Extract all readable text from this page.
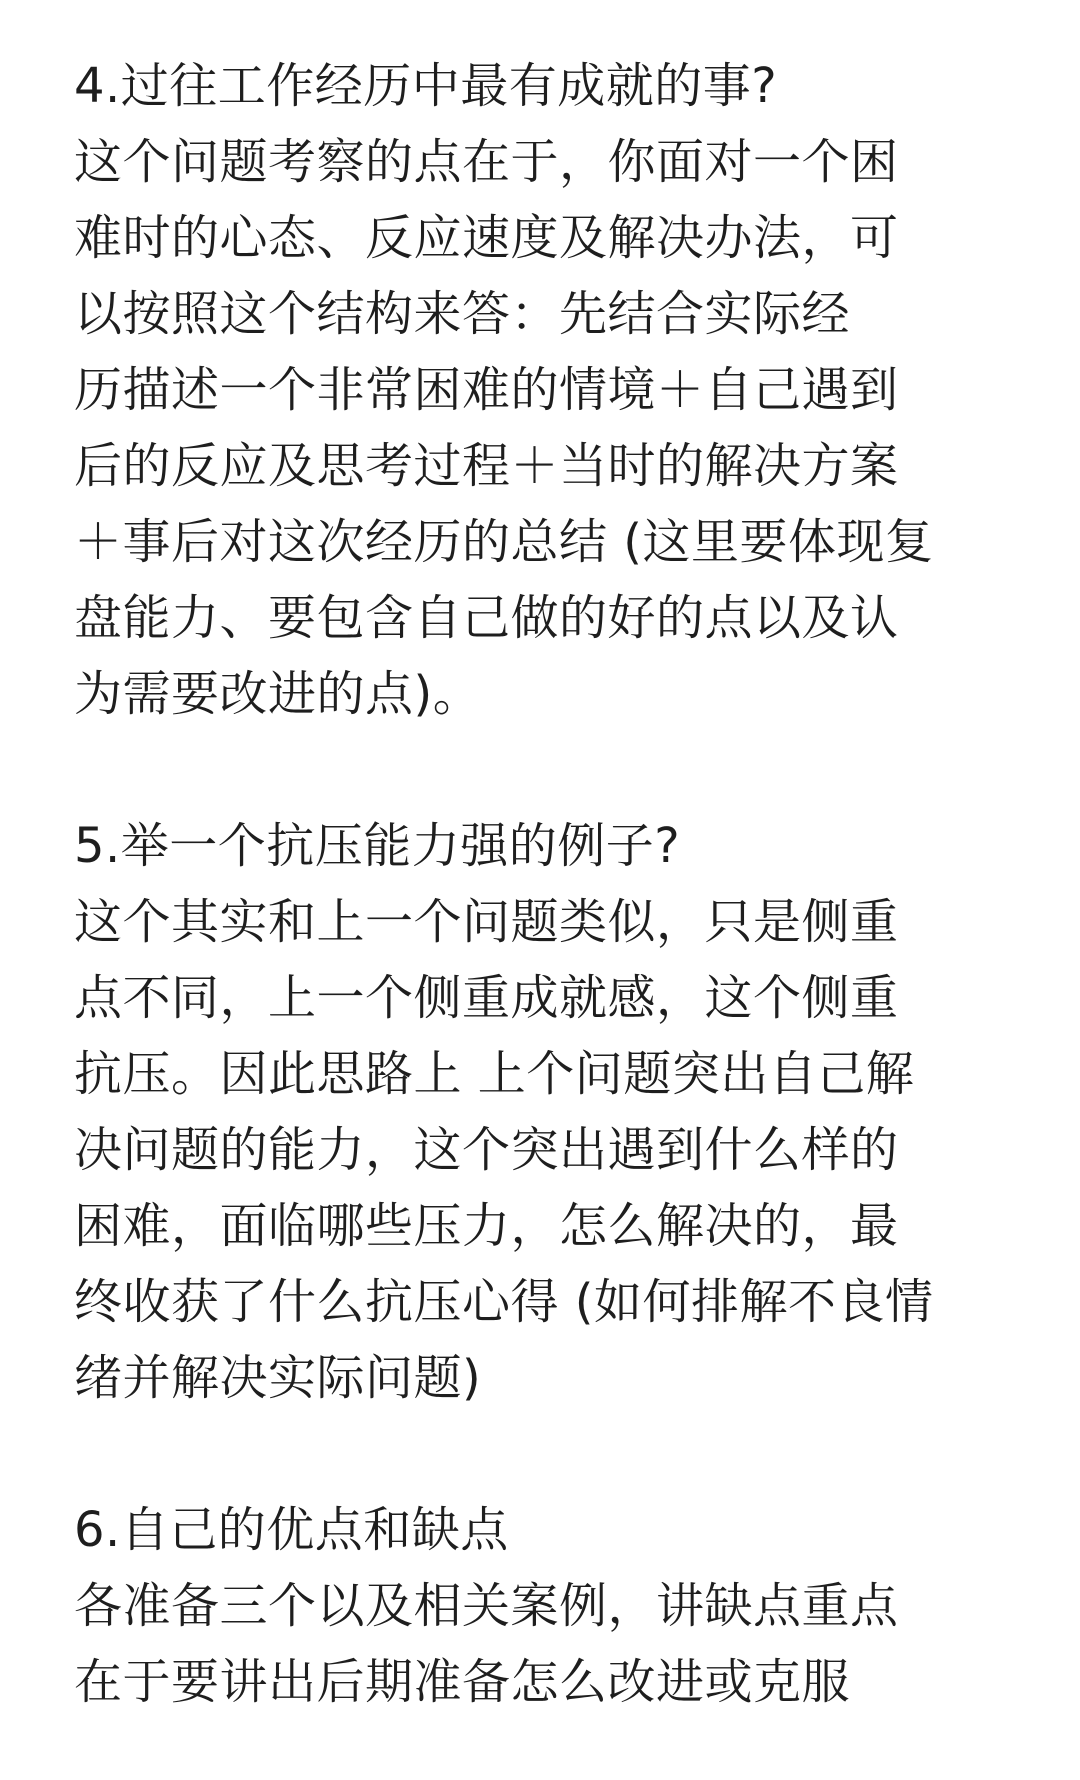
4.过往工作经历中最有成就的事?

这个问题考察的点在于，你面对一个困

难时的心态、反应速度及解决办法，可

以按照这个结构来答：先结合实际经

历描述一个非常困难的情境＋自己遇到

后的反应及思考过程＋当时的解决方案

＋事后对这次经历的总结 (这里要体现复

盘能力、要包含自己做的好的点以及认

为需要改进的点)。

5.举一个抗压能力强的例子?

这个其实和上一个问题类似，只是侧重

点不同，上一个侧重成就感，这个侧重

抗压。因此思路上 上个问题突出自己解

决问题的能力，这个突出遇到什么样的

困难，面临哪些压力，怎么解决的，最

终收获了什么抗压心得 (如何排解不良情

绪并解决实际问题)

6.自己的优点和缺点

各准备三个以及相关案例，讲缺点重点

在于要讲出后期准备怎么改进或克服
